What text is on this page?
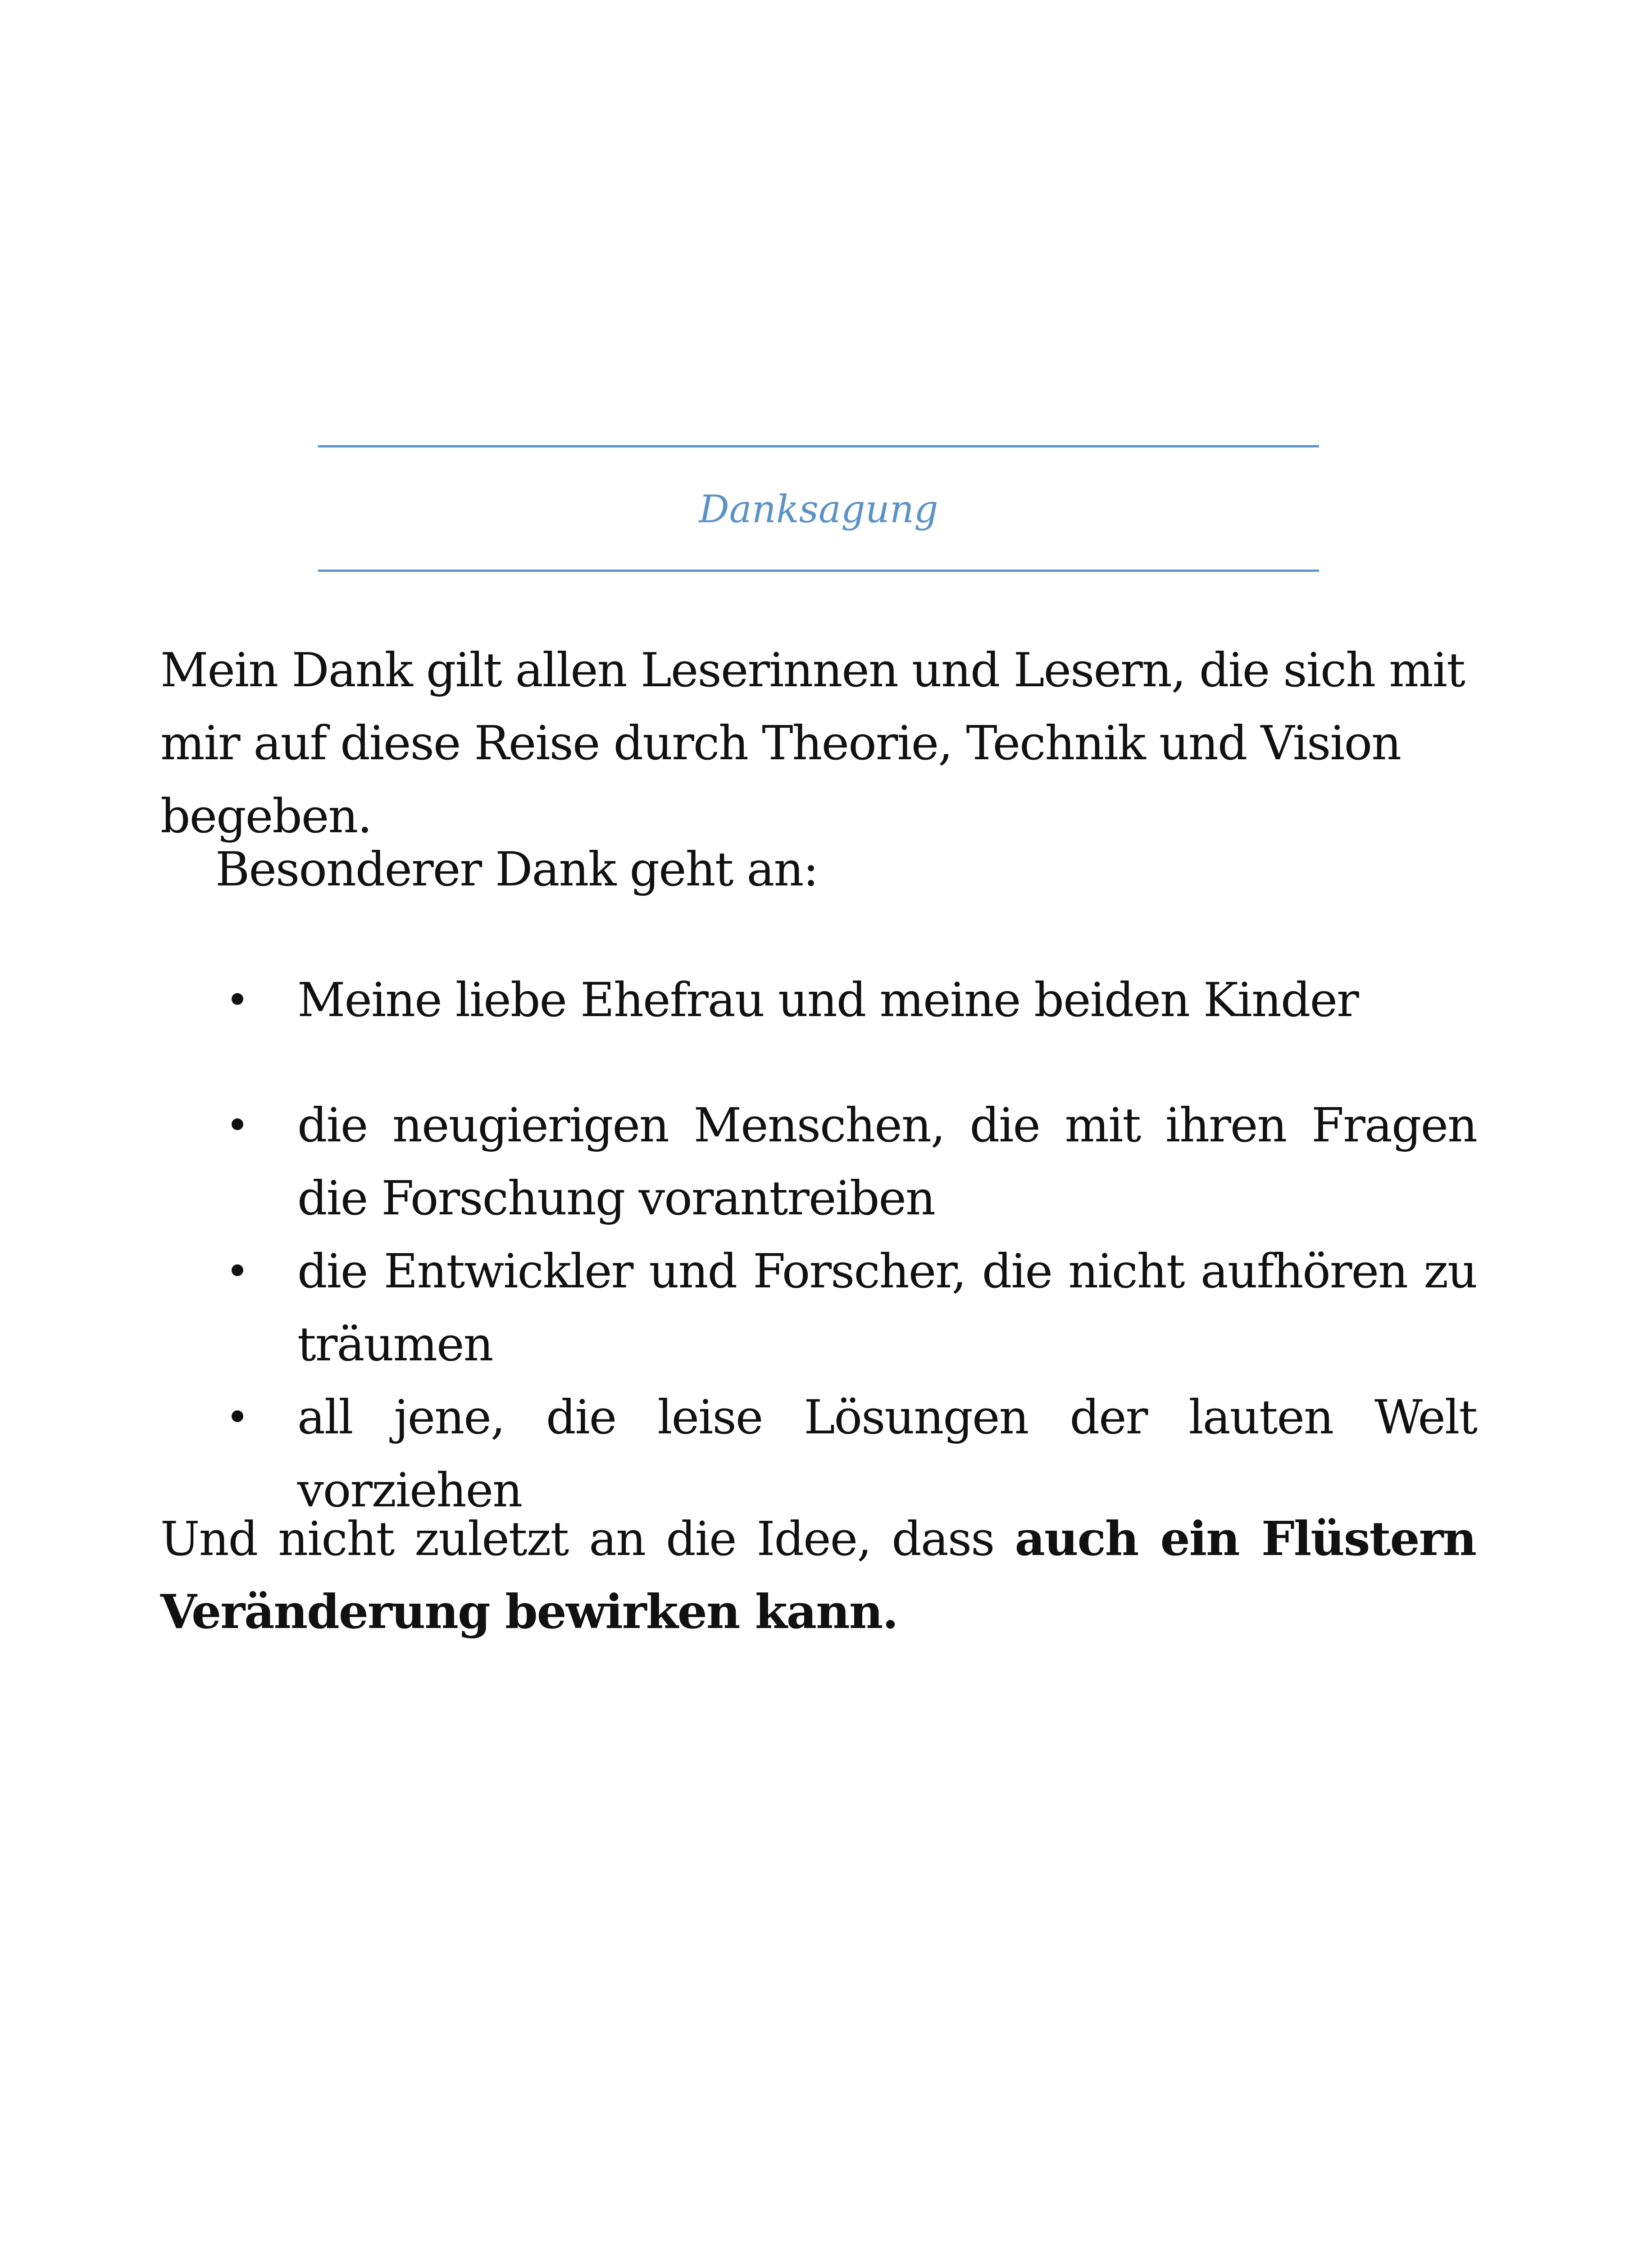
Danksagung

Mein Dank gilt allen Leserinnen und Lesern, die sich mit mir auf diese Reise durch Theorie, Technik und Vision begeben.

Besonderer Dank geht an:

Meine liebe Ehefrau und meine beiden Kinder
die neugierigen Menschen, die mit ihren Fragen die Forschung vorantreiben
die Entwickler und Forscher, die nicht aufhören zu träumen
all jene, die leise Lösungen der lauten Welt vorziehen

Und nicht zuletzt an die Idee, dass auch ein Flüstern Veränderung bewirken kann.
